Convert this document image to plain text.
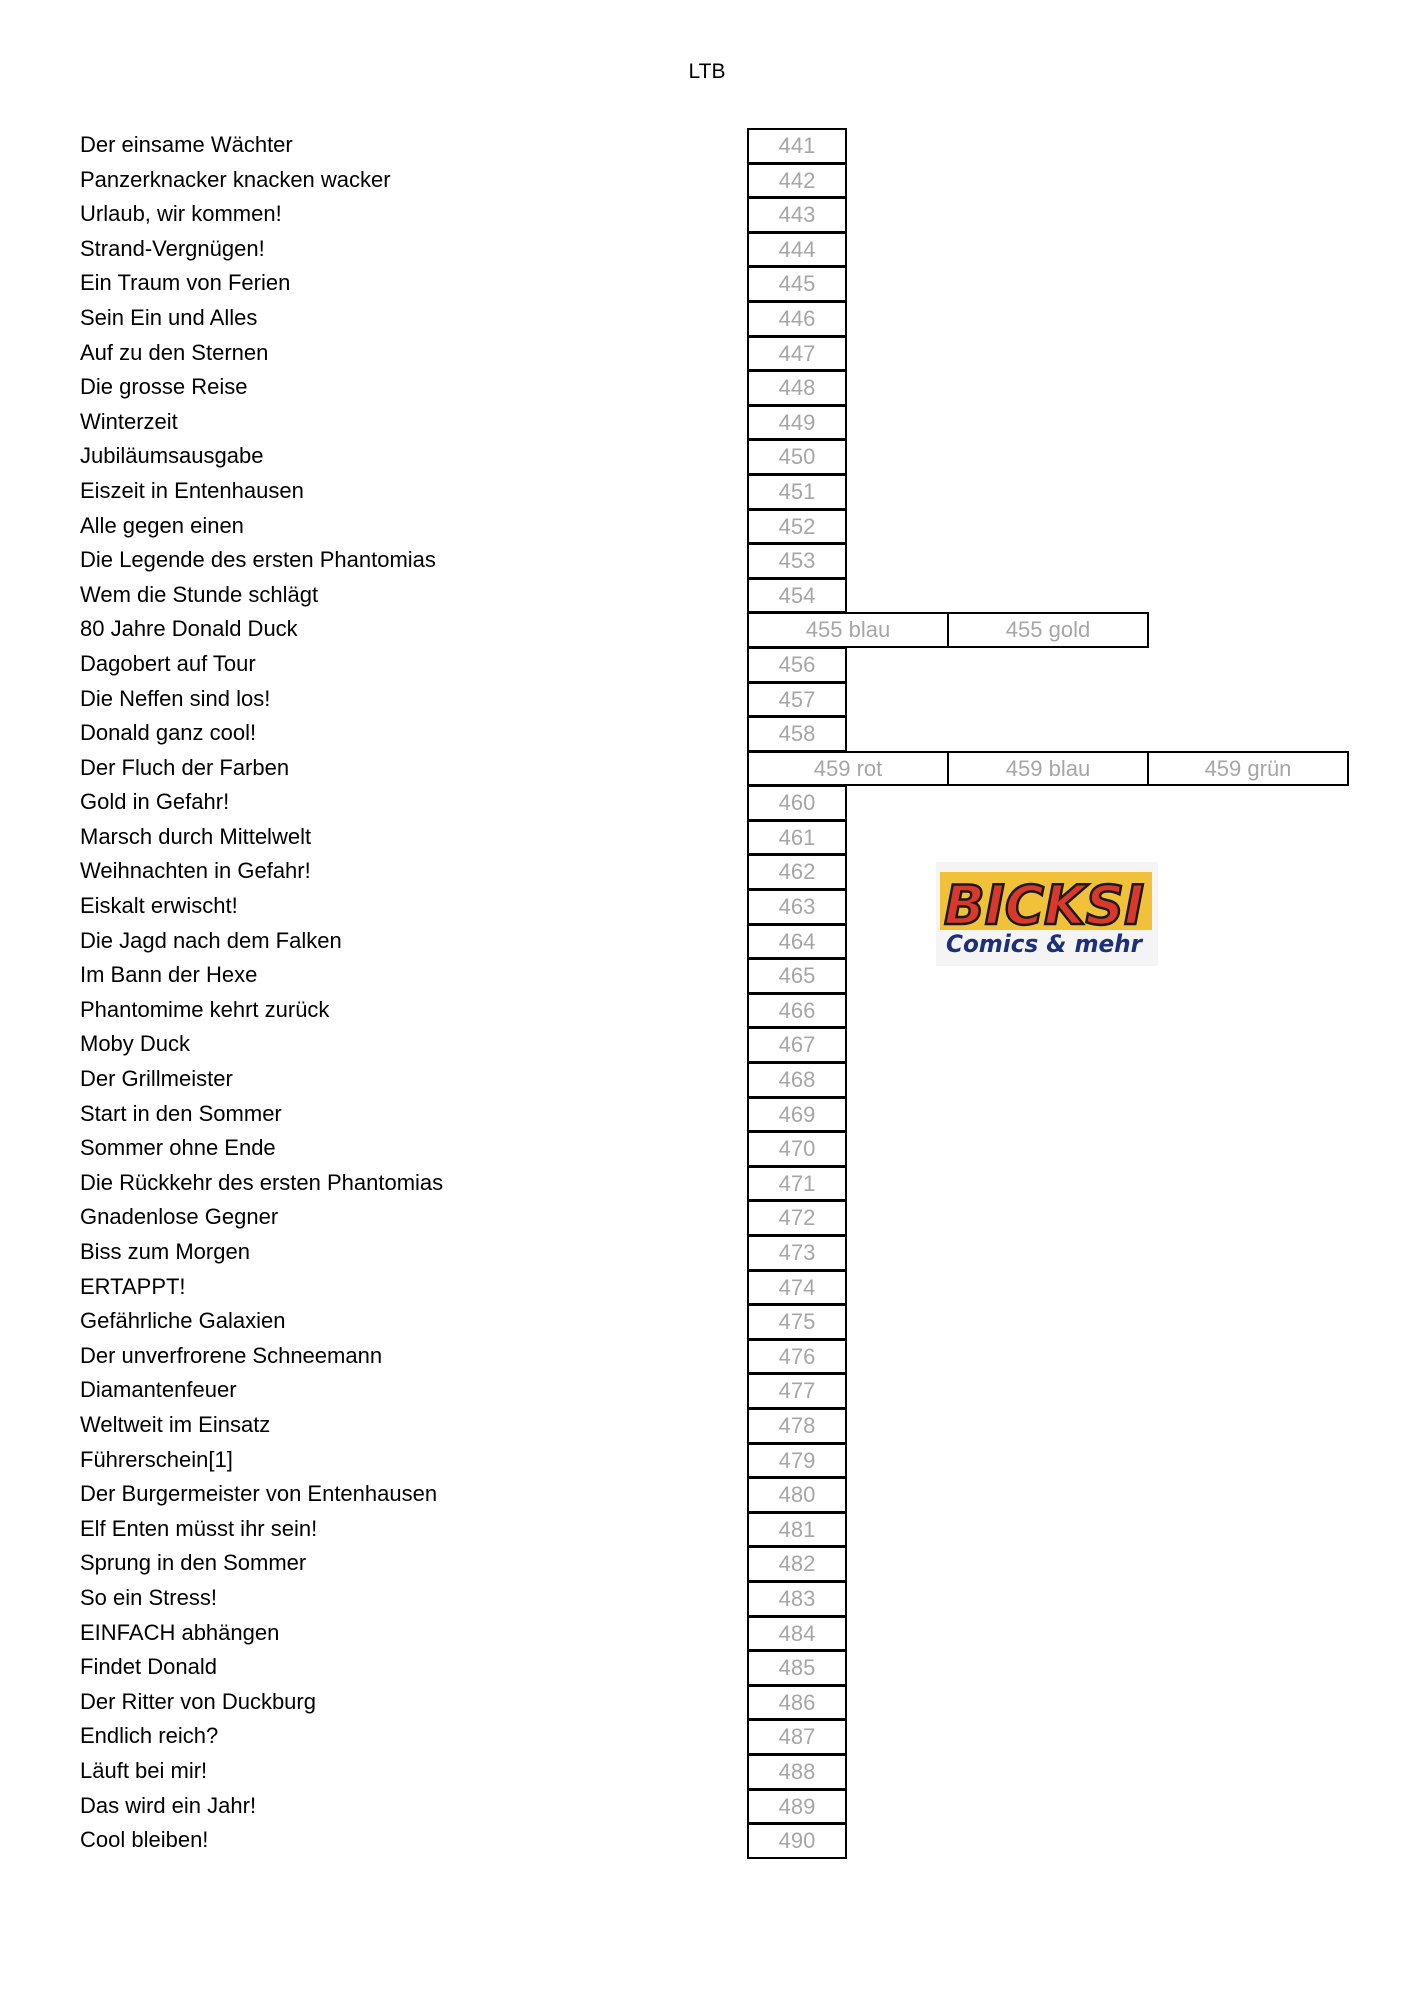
LTB
Der einsame Wächter	441
Panzerknacker knacken wacker	442
Urlaub, wir kommen!	443
Strand-Vergnügen!	444
Ein Traum von Ferien	445
Sein Ein und Alles	446
Auf zu den Sternen	447
Die grosse Reise	448
Winterzeit	449
Jubiläumsausgabe	450
Eiszeit in Entenhausen	451
Alle gegen einen	452
Die Legende des ersten Phantomias	453
Wem die Stunde schlägt	454
80 Jahre Donald Duck	455 blau	455 gold
Dagobert auf Tour	456
Die Neffen sind los!	457
Donald ganz cool!	458
Der Fluch der Farben	459 rot	459 blau	459 grün
Gold in Gefahr!	460
Marsch durch Mittelwelt	461
Weihnachten in Gefahr!	462
Eiskalt erwischt!	463
Die Jagd nach dem Falken	464
Im Bann der Hexe	465
Phantomime kehrt zurück	466
Moby Duck	467
Der Grillmeister	468
Start in den Sommer	469
Sommer ohne Ende	470
Die Rückkehr des ersten Phantomias	471
Gnadenlose Gegner	472
Biss zum Morgen	473
ERTAPPT!	474
Gefährliche Galaxien	475
Der unverfrorene Schneemann	476
Diamantenfeuer	477
Weltweit im Einsatz	478
Führerschein[1]	479
Der Burgermeister von Entenhausen	480
Elf Enten müsst ihr sein!	481
Sprung in den Sommer	482
So ein Stress!	483
EINFACH abhängen	484
Findet Donald	485
Der Ritter von Duckburg	486
Endlich reich?	487
Läuft bei mir!	488
Das wird ein Jahr!	489
Cool bleiben!	490
BICKSI
Comics & mehr
